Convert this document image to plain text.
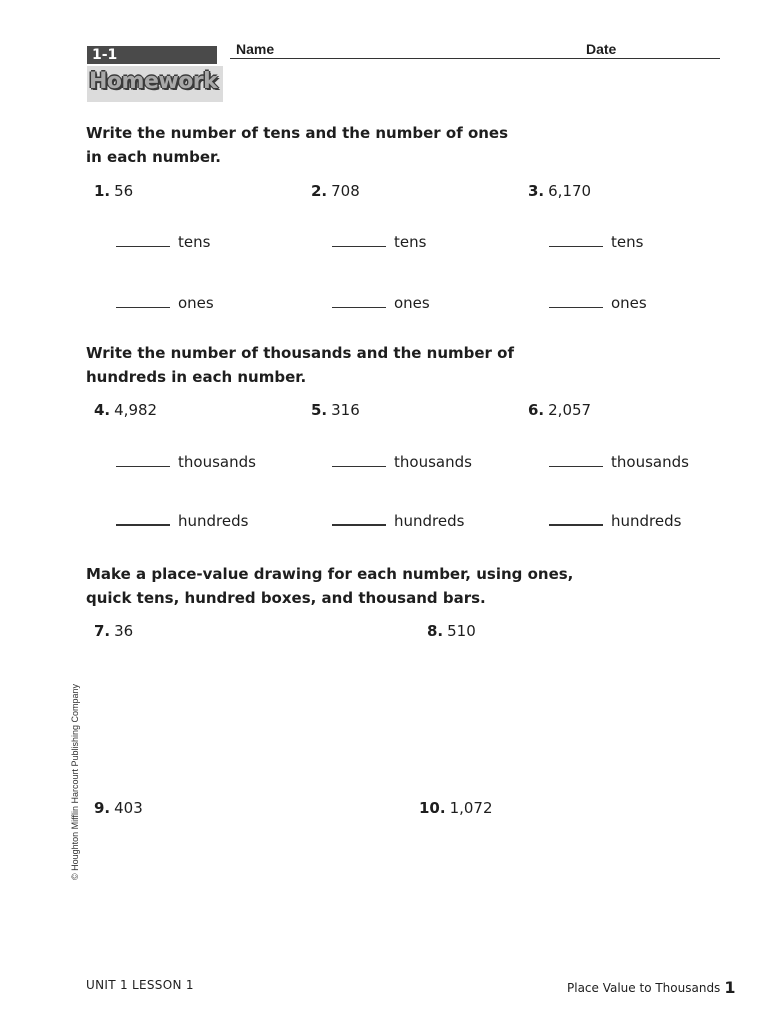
1-1
Homework
Name	Date
Write the number of tens and the number of ones
in each number.
1. 56	2. 708	3. 6,170
tens	tens	tens
ones	ones	ones
Write the number of thousands and the number of
hundreds in each number.
4. 4,982	5. 316	6. 2,057
thousands	thousands	thousands
hundreds	hundreds	hundreds
Make a place-value drawing for each number, using ones,
quick tens, hundred boxes, and thousand bars.
7. 36	8. 510
9. 403	10. 1,072
© Houghton Mifflin Harcourt Publishing Company
UNIT 1 LESSON 1	Place Value to Thousands 1
